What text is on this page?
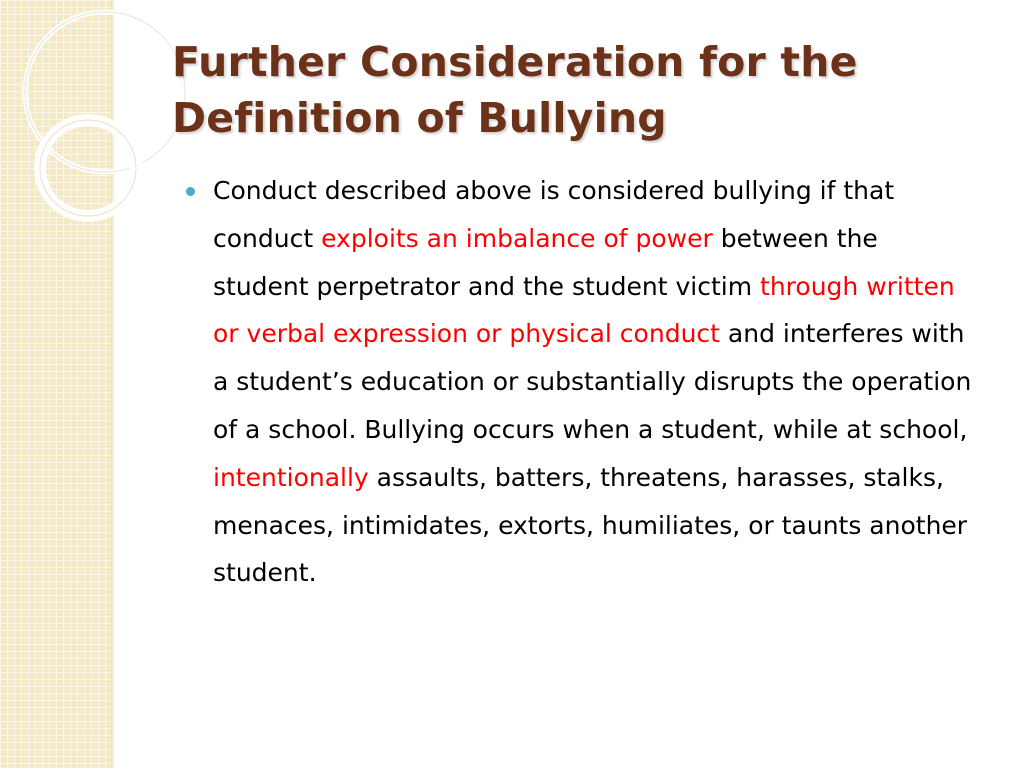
Further Consideration for the Definition of Bullying
Conduct described above is considered bullying if that conduct exploits an imbalance of power between the student perpetrator and the student victim through written or verbal expression or physical conduct and interferes with a student’s education or substantially disrupts the operation of a school. Bullying occurs when a student, while at school, intentionally assaults, batters, threatens, harasses, stalks, menaces, intimidates, extorts, humiliates, or taunts another student.
